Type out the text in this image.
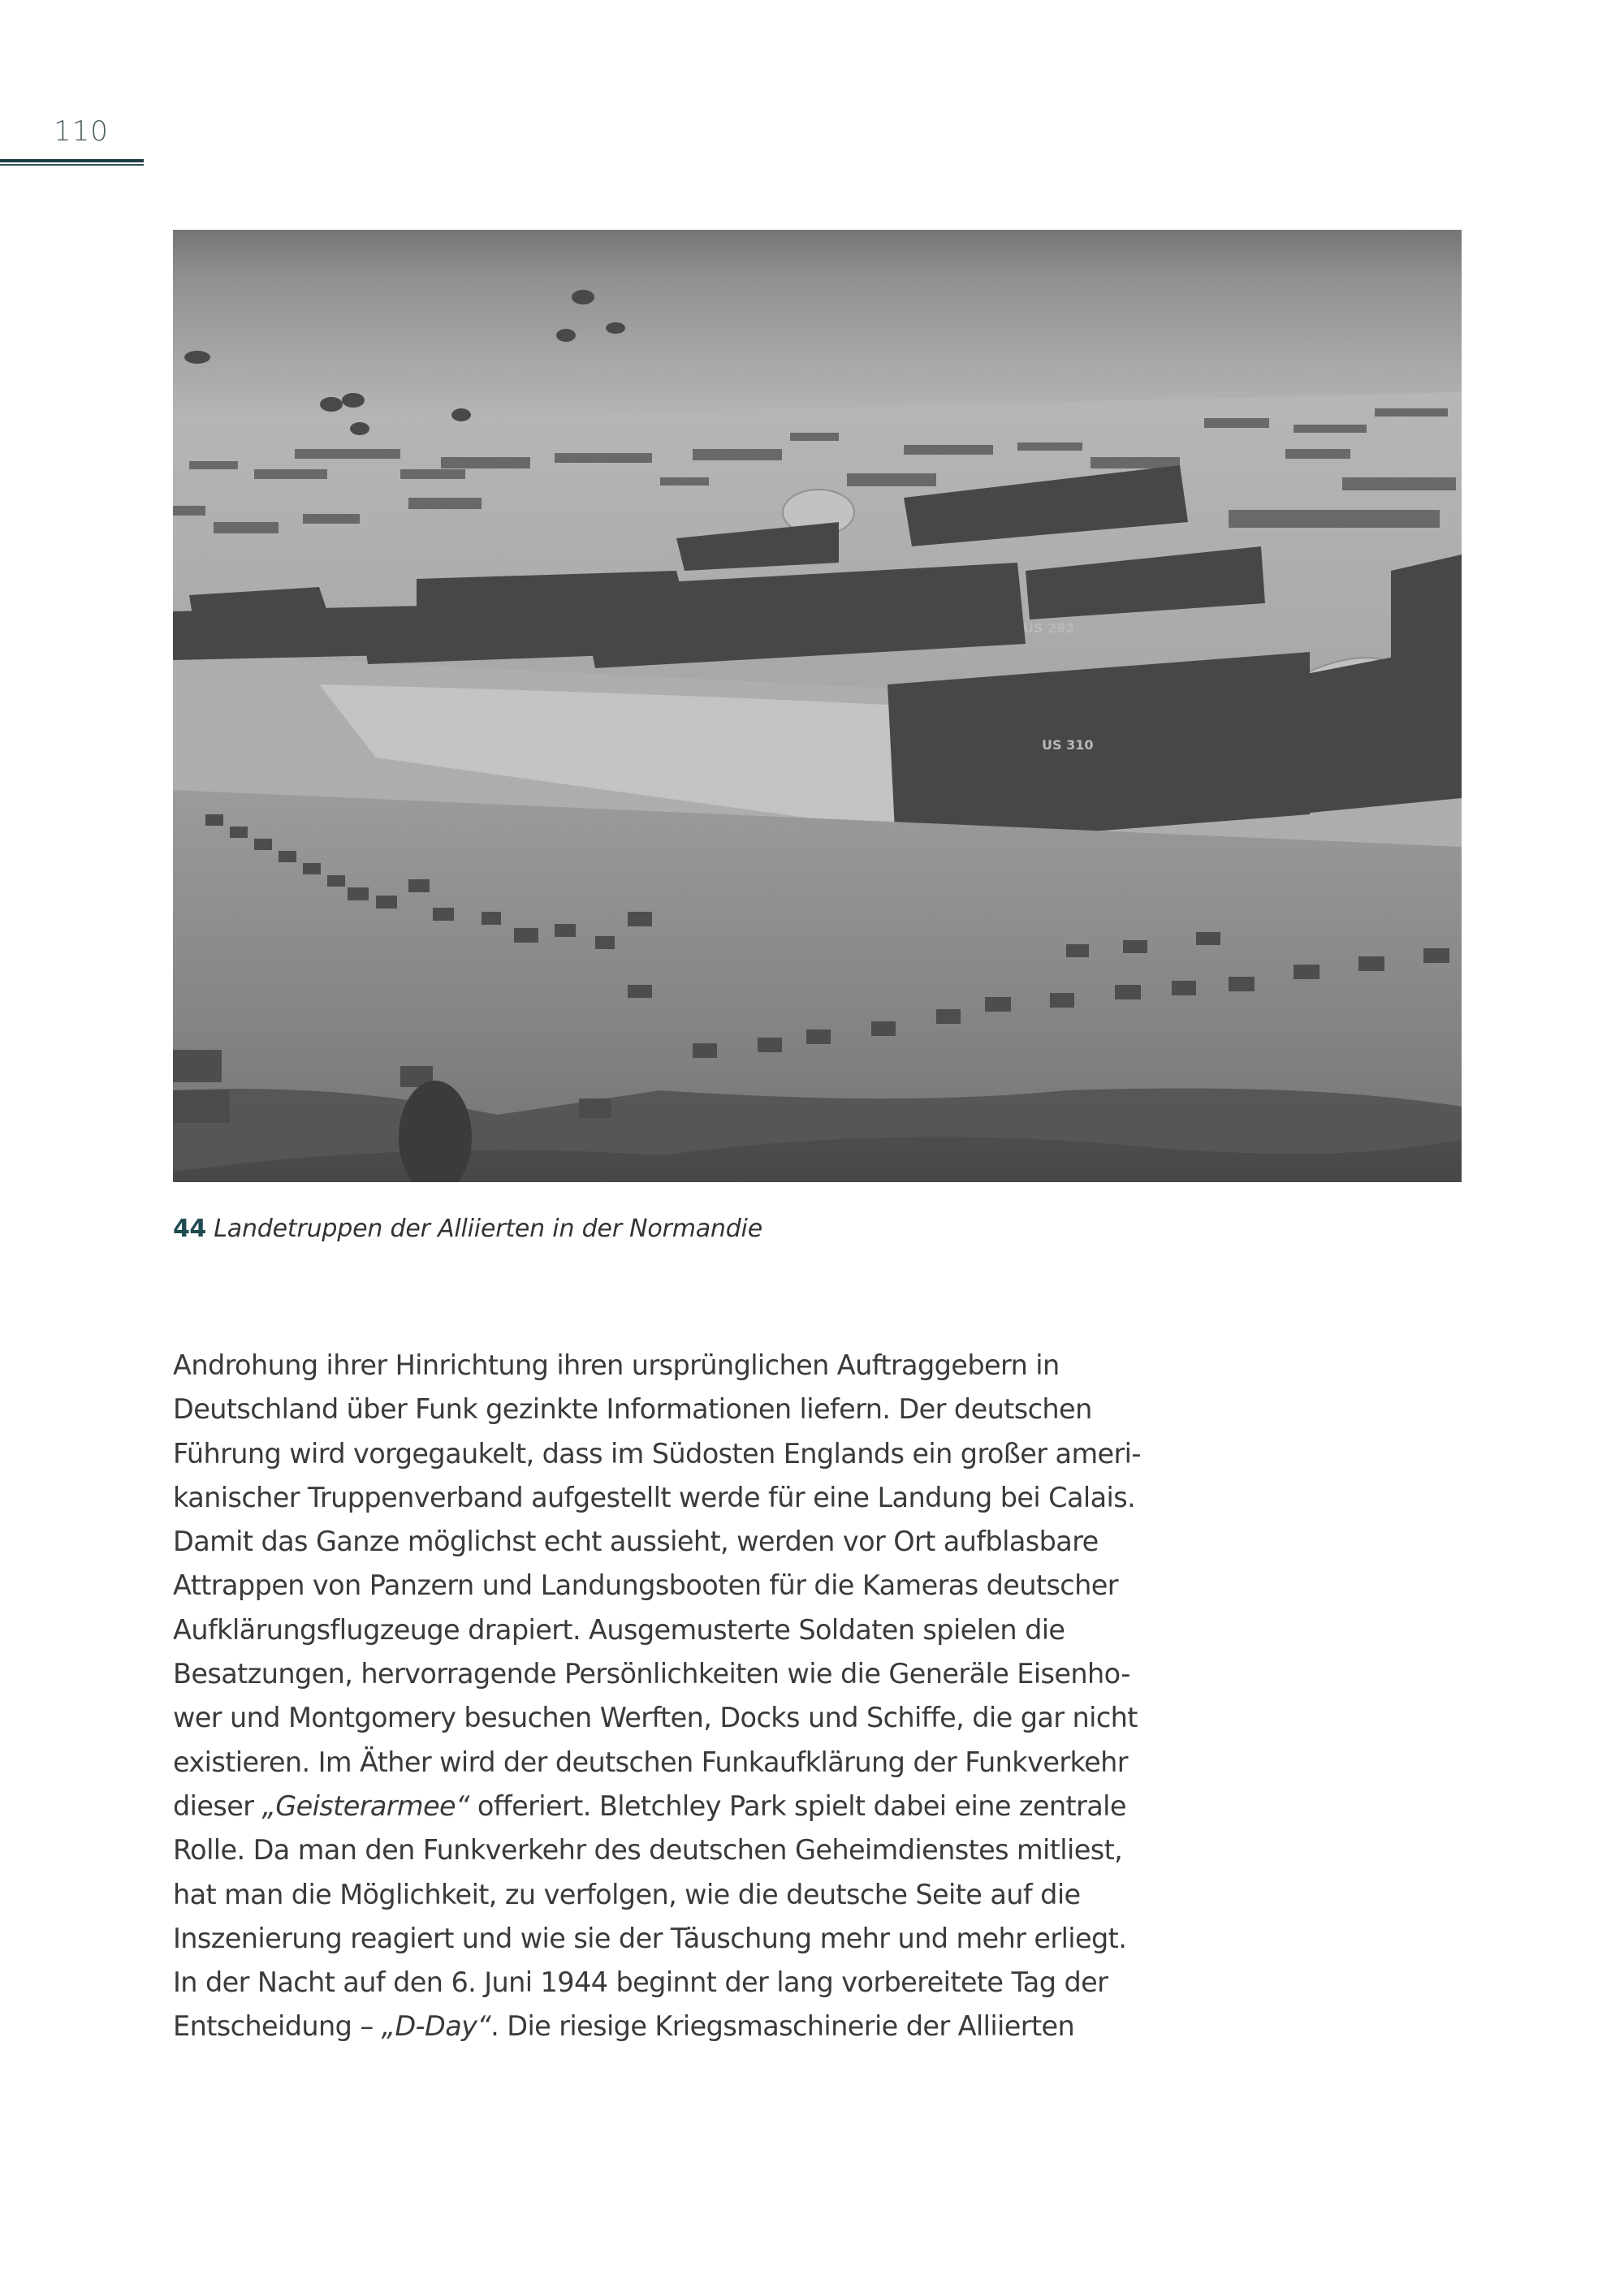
110
US 310
US 292
44 Landetruppen der Alliierten in der Normandie
Androhung ihrer Hinrichtung ihren ursprünglichen Auftraggebern in
Deutschland über Funk gezinkte Informationen liefern. Der deutschen
Führung wird vorgegaukelt, dass im Südosten Englands ein großer ameri-
kanischer Truppenverband aufgestellt werde für eine Landung bei Calais.
Damit das Ganze möglichst echt aussieht, werden vor Ort aufblasbare
Attrappen von Panzern und Landungsbooten für die Kameras deutscher
Aufklärungsflugzeuge drapiert. Ausgemusterte Soldaten spielen die
Besatzungen, hervorragende Persönlichkeiten wie die Generäle Eisenho-
wer und Montgomery besuchen Werften, Docks und Schiffe, die gar nicht
existieren. Im Äther wird der deutschen Funkaufklärung der Funkverkehr
dieser „Geisterarmee“ offeriert. Bletchley Park spielt dabei eine zentrale
Rolle. Da man den Funkverkehr des deutschen Geheimdienstes mitliest,
hat man die Möglichkeit, zu verfolgen, wie die deutsche Seite auf die
Inszenierung reagiert und wie sie der Täuschung mehr und mehr erliegt.
In der Nacht auf den 6. Juni 1944 beginnt der lang vorbereitete Tag der
Entscheidung – „D-Day“. Die riesige Kriegsmaschinerie der Alliierten
